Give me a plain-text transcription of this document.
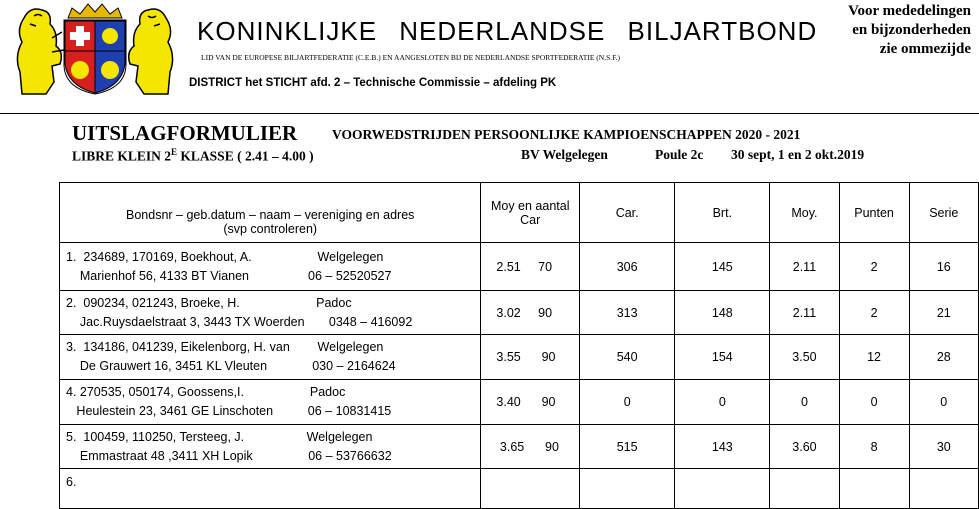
KONINKLIJKE NEDERLANDSE BILJARTBOND
LID VAN DE EUROPESE BILJARTFEDERATIE (C.E.B.) EN AANGESLOTEN BIJ DE NEDERLANDSE SPORTFEDERATIE (N.S.F.)
DISTRICT het STICHT afd. 2 – Technische Commissie – afdeling PK
Voor mededelingen
en bijzonderheden
zie ommezijde
UITSLAGFORMULIER	VOORWEDSTRIJDEN PERSOONLIJKE KAMPIOENSCHAPPEN 2020 - 2021
LIBRE KLEIN $2^E$ KLASSE ( 2.41 – 4.00 )	BV Welgelegen	Poule 2c 30 sept, 1 en 2 okt.2019
Bondsnr – geb.datum – naam – vereniging en adres
(svp controleren)	Moy en aantal Car	Car.	Brt.	Moy.	Punten	Serie

1.  234689, 170169, Boekhout, A.                   Welgelegen
Marienhof 56, 4133 BT Vianen                 06 – 52520527	2.51     70	306	145	2.11	2	16

2.  090234, 021243, Broeke, H.                      Padoc
Jac.Ruysdaelstraat 3, 3443 TX Woerden       0348 – 416092	3.02     90	313	148	2.11	2	21

3.  134186, 041239, Eikelenborg, H. van        Welgelegen
De Grauwert 16, 3451 KL Vleuten             030 – 2164624	3.55      90	540	154	3.50	12	28

4. 270535, 050174, Goossens,I.                   Padoc
Heulestein 23, 3461 GE Linschoten          06 – 10831415	3.40      90	0	0	0	0	0

5.  100459, 110250, Tersteeg, J.                  Welgelegen
Emmastraat 48 ,3411 XH Lopik                06 – 53766632	3.65      90	515	143	3.60	8	30

6.						
